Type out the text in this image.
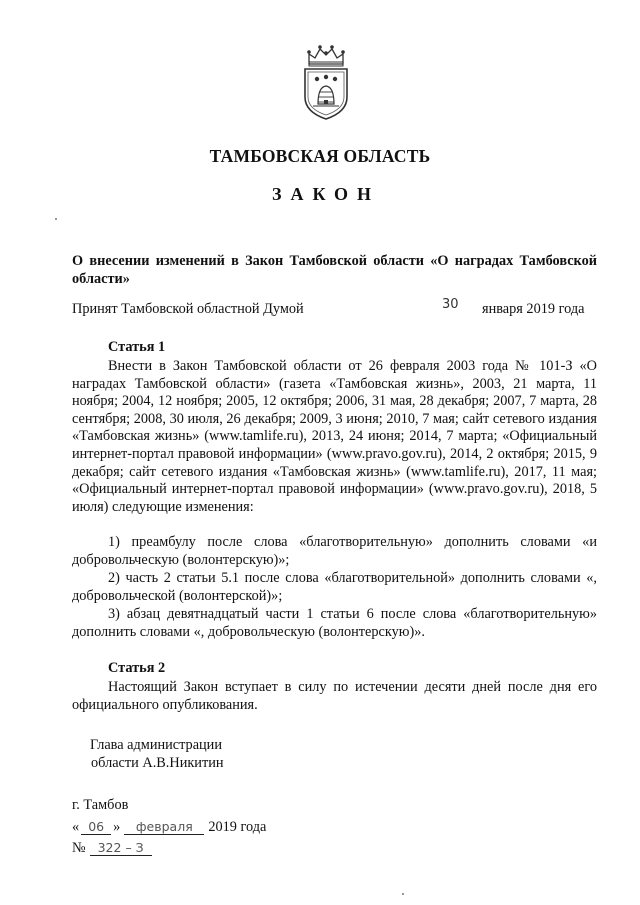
ТАМБОВСКАЯ ОБЛАСТЬ
ЗАКОН
О внесении изменений в Закон Тамбовской области «О наградах Тамбовской области»
Принят Тамбовской областной Думой	30 января 2019 года
Статья 1

Внести в Закон Тамбовской области от 26 февраля 2003 года № 101-З «О наградах Тамбовской области» (газета «Тамбовская жизнь», 2003, 21 марта, 11 ноября; 2004, 12 ноября; 2005, 12 октября; 2006, 31 мая, 28 декабря; 2007, 7 марта, 28 сентября; 2008, 30 июля, 26 декабря; 2009, 3 июня; 2010, 7 мая; сайт сетевого издания «Тамбовская жизнь» (www.tamlife.ru), 2013, 24 июня; 2014, 7 марта; «Официальный интернет-портал правовой информации» (www.pravo.gov.ru), 2014, 2 октября; 2015, 9 декабря; сайт сетевого издания «Тамбовская жизнь» (www.tamlife.ru), 2017, 11 мая; «Официальный интернет-портал правовой информации» (www.pravo.gov.ru), 2018, 5 июля) следующие изменения:

1) преамбулу после слова «благотворительную» дополнить словами «и добровольческую (волонтерскую)»;

2) часть 2 статьи 5.1 после слова «благотворительной» дополнить словами «, добровольческой (волонтерской)»;

3) абзац девятнадцатый части 1 статьи 6 после слова «благотворительную» дополнить словами «, добровольческую (волонтерскую)».

Статья 2

Настоящий Закон вступает в силу по истечении десяти дней после дня его официального опубликования.

Глава администрации
области А.В.Никитин
г. Тамбов
« 06 » февраля 2019 года
№ 322 – З
